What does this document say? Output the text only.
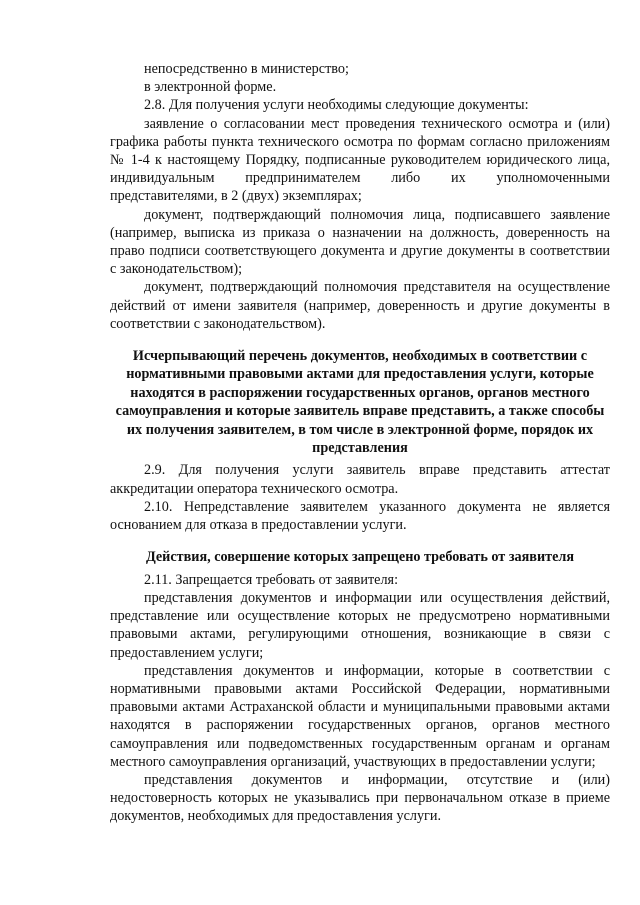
непосредственно в министерство;

в электронной форме.

2.8. Для получения услуги необходимы следующие документы:

заявление о согласовании мест проведения технического осмотра и (или) графика работы пункта технического осмотра по формам согласно приложениям № 1-4 к настоящему Порядку, подписанные руководителем юридического лица, индивидуальным предпринимателем либо их уполномоченными представителями, в 2 (двух) экземплярах;

документ, подтверждающий полномочия лица, подписавшего заявление (например, выписка из приказа о назначении на должность, доверенность на право подписи соответствующего документа и другие документы в соответствии с законодательством);

документ, подтверждающий полномочия представителя на осуществление действий от имени заявителя (например, доверенность и другие документы в соответствии с законодательством).

Исчерпывающий перечень документов, необходимых в соответствии с нормативными правовыми актами для предоставления услуги, которые находятся в распоряжении государственных органов, органов местного самоуправления и которые заявитель вправе представить, а также способы их получения заявителем, в том числе в электронной форме, порядок их представления

2.9. Для получения услуги заявитель вправе представить аттестат аккредитации оператора технического осмотра.

2.10. Непредставление заявителем указанного документа не является основанием для отказа в предоставлении услуги.

Действия, совершение которых запрещено требовать от заявителя

2.11. Запрещается требовать от заявителя:

представления документов и информации или осуществления действий, представление или осуществление которых не предусмотрено нормативными правовыми актами, регулирующими отношения, возникающие в связи с предоставлением услуги;

представления документов и информации, которые в соответствии с нормативными правовыми актами Российской Федерации, нормативными правовыми актами Астраханской области и муниципальными правовыми актами находятся в распоряжении государственных органов, органов местного самоуправления или подведомственных государственным органам и органам местного самоуправления организаций, участвующих в предоставлении услуги;

представления документов и информации, отсутствие и (или) недостоверность которых не указывались при первоначальном отказе в приеме документов, необходимых для предоставления услуги.
